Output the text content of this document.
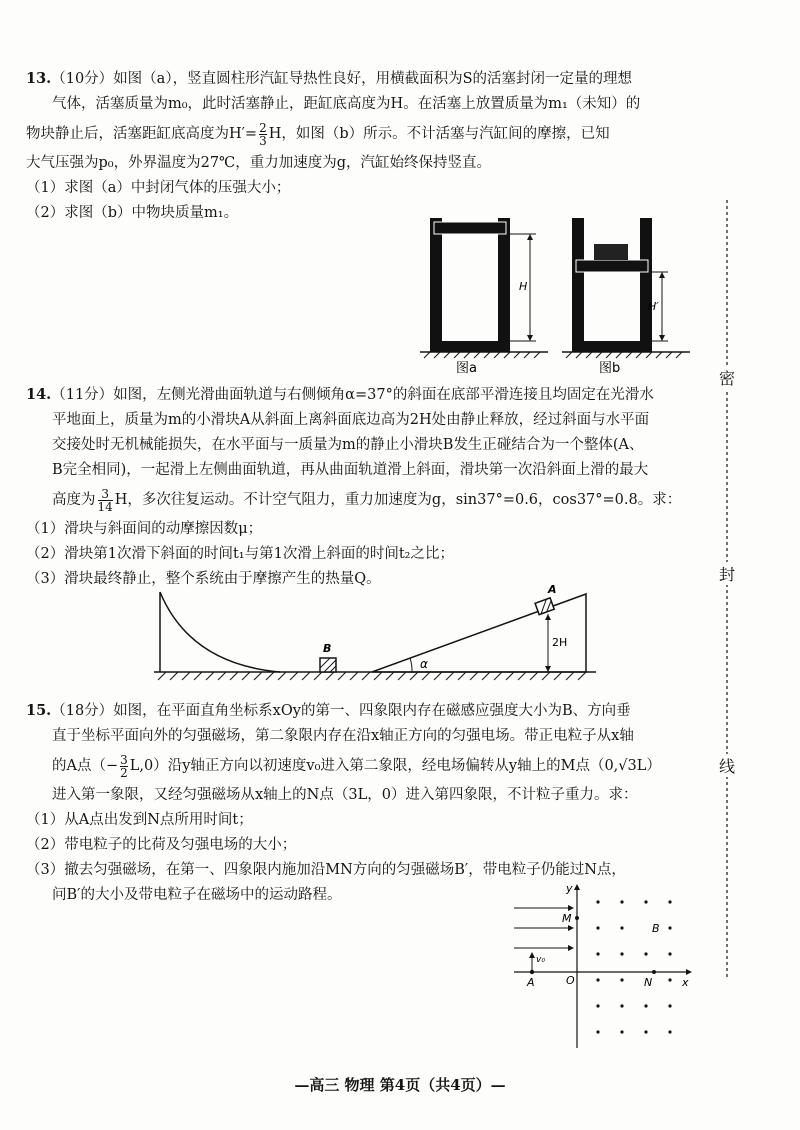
13.（10分）如图（a），竖直圆柱形汽缸导热性良好，用横截面积为S的活塞封闭一定量的理想

气体，活塞质量为m₀，此时活塞静止，距缸底高度为H。在活塞上放置质量为m₁（未知）的

物块静止后，活塞距缸底高度为$H'= \frac{2}{3}$ H，如图（b）所示。不计活塞与汽缸间的摩擦，已知

大气压强为p₀，外界温度为27℃，重力加速度为g，汽缸始终保持竖直。

（1）求图（a）中封闭气体的压强大小；

（2）求图（b）中物块质量m₁。

H
图a
H′
图b

14.（11分）如图，左侧光滑曲面轨道与右侧倾角α=37°的斜面在底部平滑连接且均固定在光滑水

平地面上，质量为m的小滑块A从斜面上离斜面底边高为2H处由静止释放，经过斜面与水平面

交接处时无机械能损失，在水平面与一质量为m的静止小滑块B发生正碰结合为一个整体(A、

B完全相同)，一起滑上左侧曲面轨道，再从曲面轨道滑上斜面，滑块第一次沿斜面上滑的最大

高度为 $\frac{3}{14}$ H，多次往复运动。不计空气阻力，重力加速度为g，sin37°=0.6，cos37°=0.8。求：

（1）滑块与斜面间的动摩擦因数μ；

（2）滑块第1次滑下斜面的时间t₁与第1次滑上斜面的时间t₂之比；

（3）滑块最终静止，整个系统由于摩擦产生的热量Q。

B
A
2H
α

15.（18分）如图，在平面直角坐标系xOy的第一、四象限内存在磁感应强度大小为B、方向垂

直于坐标平面向外的匀强磁场，第二象限内存在沿x轴正方向的匀强电场。带正电粒子从x轴

的A点（− $\frac{3}{2} L,0$）沿y轴正方向以初速度v₀进入第二象限，经电场偏转从y轴上的M点（0,√3L）

进入第一象限，又经匀强磁场从x轴上的N点（3L，0）进入第四象限，不计粒子重力。求：

（1）从A点出发到N点所用时间t；

（2）带电粒子的比荷及匀强电场的大小；

（3）撤去匀强磁场，在第一、四象限内施加沿MN方向的匀强磁场B′，带电粒子仍能过N点，

问B′的大小及带电粒子在磁场中的运动路程。

x
y
O
M
v₀
A
B
N
密
封
线
—高三 物理 第4页（共4页）—
